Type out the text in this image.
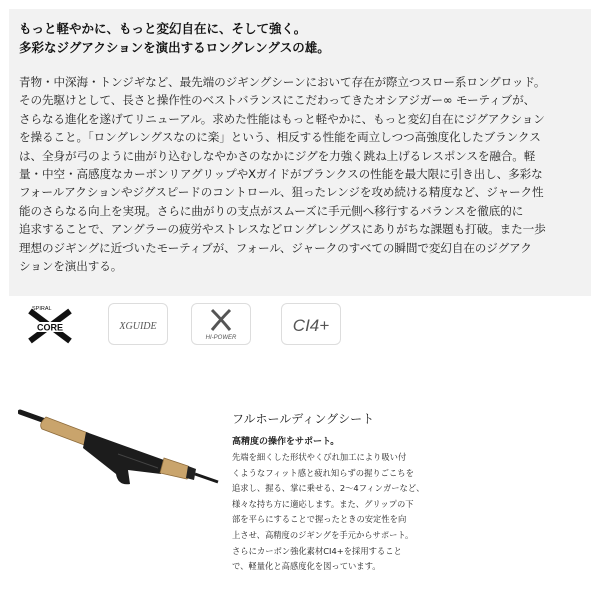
もっと軽やかに、もっと変幻自在に、そして強く。
多彩なジグアクションを演出するロングレングスの雄。

青物・中深海・トンジギなど、最先端のジギングシーンにおいて存在が際立つスロー系ロングロッド。
その先駆けとして、長さと操作性のベストバランスにこだわってきたオシアジガー∞ モーティブが、
さらなる進化を遂げてリニューアル。求めた性能はもっと軽やかに、もっと変幻自在にジグアクション
を操ること。「ロングレングスなのに楽」という、相反する性能を両立しつつ高強度化したブランクス
は、全身が弓のように曲がり込むしなやかさのなかにジグを力強く跳ね上げるレスポンスを融合。軽
量・中空・高感度なカーボンリアグリップやXガイドがブランクスの性能を最大限に引き出し、多彩な
フォールアクションやジグスピードのコントロール、狙ったレンジを攻め続ける精度など、ジャーク性
能のさらなる向上を実現。さらに曲がりの支点がスムーズに手元側へ移行するバランスを徹底的に
追求することで、アングラーの疲労やストレスなどロングレングスにありがちな課題も打破。また一歩
理想のジギングに近づいたモーティブが、フォール、ジャークのすべての瞬間で変幻自在のジグアク
ションを演出する。
CORE
SPIRAL
XGUIDE
HI-POWER
CI4+

フルホールディングシート

高精度の操作をサポート。

先端を細くした形状やくびれ加工により吸い付
くようなフィット感と疲れ知らずの握りごこちを
追求し、握る、掌に乗せる、2～4フィンガーなど、
様々な持ち方に適応します。また、グリップの下
部を平らにすることで握ったときの安定性を向
上させ、高精度のジギングを手元からサポート。
さらにカーボン強化素材CI4+を採用すること
で、軽量化と高感度化を図っています。
